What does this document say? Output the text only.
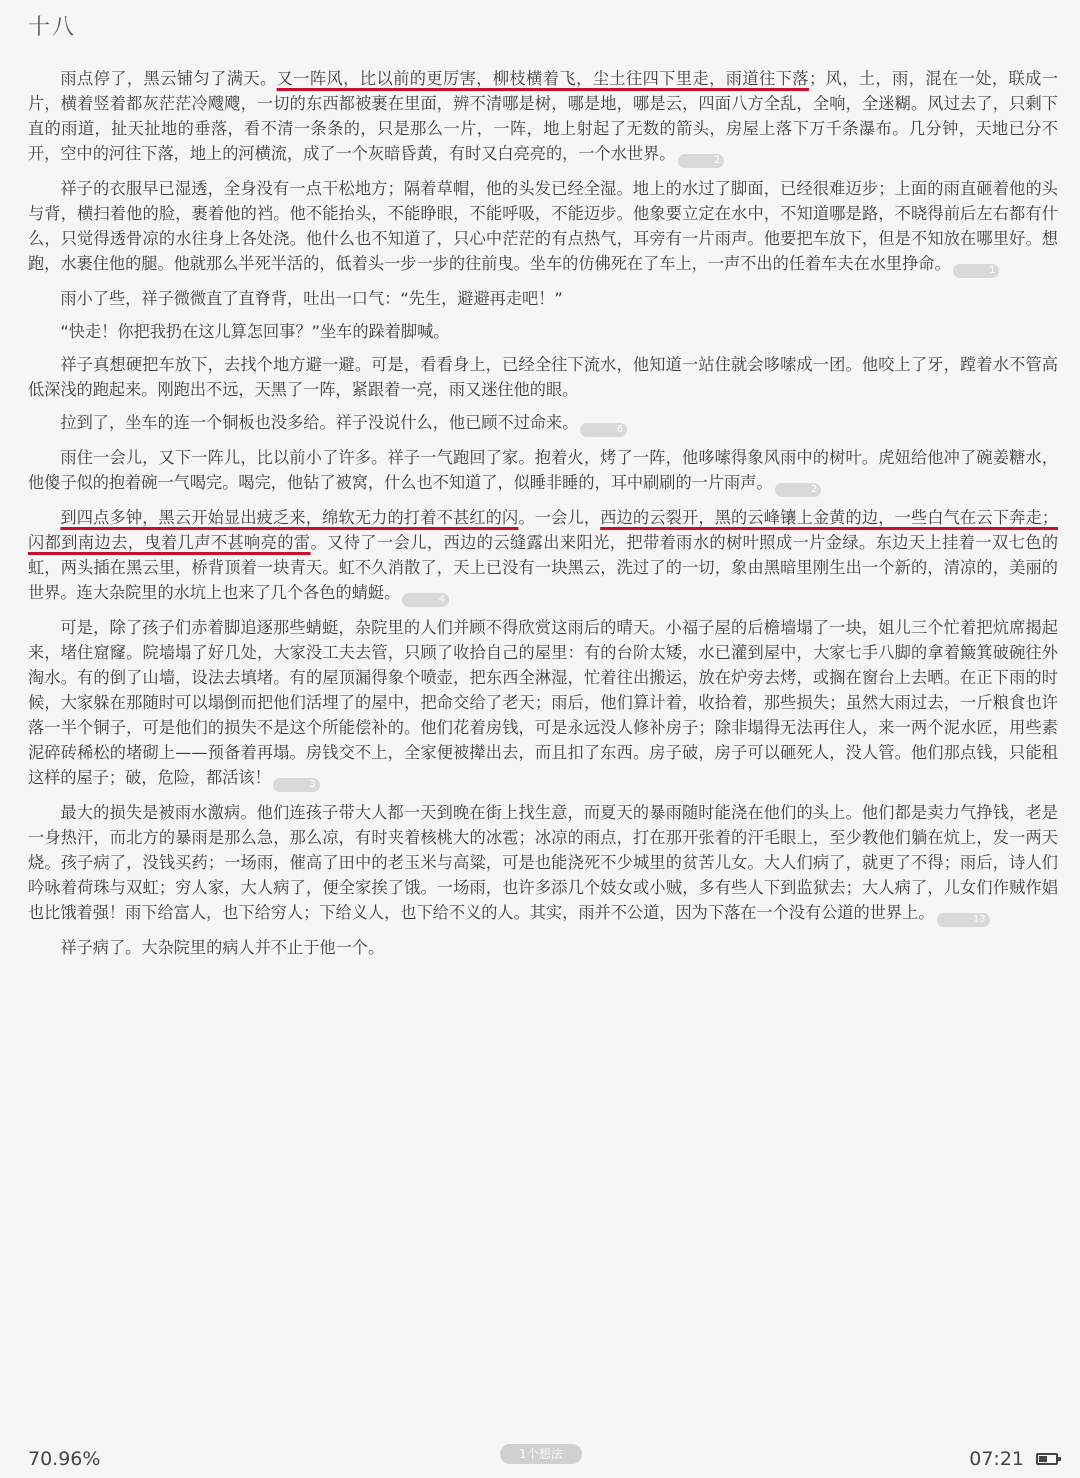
十八

雨点停了，黑云铺匀了满天。又一阵风，比以前的更厉害，柳枝横着飞，尘土往四下里走，雨道往下落；风，土，雨，混在一处，联成一片，横着竖着都灰茫茫冷飕飕，一切的东西都被裹在里面，辨不清哪是树，哪是地，哪是云，四面八方全乱，全响，全迷糊。风过去了，只剩下直的雨道，扯天扯地的垂落，看不清一条条的，只是那么一片，一阵，地上射起了无数的箭头，房屋上落下万千条瀑布。几分钟，天地已分不开，空中的河往下落，地上的河横流，成了一个灰暗昏黄，有时又白亮亮的，一个水世界。	2

祥子的衣服早已湿透，全身没有一点干松地方；隔着草帽，他的头发已经全湿。地上的水过了脚面，已经很难迈步；上面的雨直砸着他的头与背，横扫着他的脸，裹着他的裆。他不能抬头，不能睁眼，不能呼吸，不能迈步。他象要立定在水中，不知道哪是路，不晓得前后左右都有什么，只觉得透骨凉的水往身上各处浇。他什么也不知道了，只心中茫茫的有点热气，耳旁有一片雨声。他要把车放下，但是不知放在哪里好。想跑，水裹住他的腿。他就那么半死半活的，低着头一步一步的往前曳。坐车的仿佛死在了车上，一声不出的任着车夫在水里挣命。	1

雨小了些，祥子微微直了直脊背，吐出一口气：“先生，避避再走吧！”

“快走！你把我扔在这儿算怎回事？”坐车的跺着脚喊。

祥子真想硬把车放下，去找个地方避一避。可是，看看身上，已经全往下流水，他知道一站住就会哆嗦成一团。他咬上了牙，蹚着水不管高低深浅的跑起来。刚跑出不远，天黑了一阵，紧跟着一亮，雨又迷住他的眼。

拉到了，坐车的连一个铜板也没多给。祥子没说什么，他已顾不过命来。	6

雨住一会儿，又下一阵儿，比以前小了许多。祥子一气跑回了家。抱着火，烤了一阵，他哆嗦得象风雨中的树叶。虎妞给他冲了碗姜糖水，他傻子似的抱着碗一气喝完。喝完，他钻了被窝，什么也不知道了，似睡非睡的，耳中刷刷的一片雨声。	2

到四点多钟，黑云开始显出疲乏来，绵软无力的打着不甚红的闪。一会儿，西边的云裂开，黑的云峰镶上金黄的边，一些白气在云下奔走；闪都到南边去，曳着几声不甚响亮的雷。又待了一会儿，西边的云缝露出来阳光，把带着雨水的树叶照成一片金绿。东边天上挂着一双七色的虹，两头插在黑云里，桥背顶着一块青天。虹不久消散了，天上已没有一块黑云，洗过了的一切，象由黑暗里刚生出一个新的，清凉的，美丽的世界。连大杂院里的水坑上也来了几个各色的蜻蜓。	4

可是，除了孩子们赤着脚追逐那些蜻蜓，杂院里的人们并顾不得欣赏这雨后的晴天。小福子屋的后檐墙塌了一块，姐儿三个忙着把炕席揭起来，堵住窟窿。院墙塌了好几处，大家没工夫去管，只顾了收拾自己的屋里：有的台阶太矮，水已灌到屋中，大家七手八脚的拿着簸箕破碗往外淘水。有的倒了山墙，设法去填堵。有的屋顶漏得象个喷壶，把东西全淋湿，忙着往出搬运，放在炉旁去烤，或搁在窗台上去晒。在正下雨的时候，大家躲在那随时可以塌倒而把他们活埋了的屋中，把命交给了老天；雨后，他们算计着，收拾着，那些损失；虽然大雨过去，一斤粮食也许落一半个铜子，可是他们的损失不是这个所能偿补的。他们花着房钱，可是永远没人修补房子；除非塌得无法再住人，来一两个泥水匠，用些素泥碎砖稀松的堵砌上——预备着再塌。房钱交不上，全家便被撵出去，而且扣了东西。房子破，房子可以砸死人，没人管。他们那点钱，只能租这样的屋子；破，危险，都活该！	3

最大的损失是被雨水激病。他们连孩子带大人都一天到晚在街上找生意，而夏天的暴雨随时能浇在他们的头上。他们都是卖力气挣钱，老是一身热汗，而北方的暴雨是那么急，那么凉，有时夹着核桃大的冰雹；冰凉的雨点，打在那开张着的汗毛眼上，至少教他们躺在炕上，发一两天烧。孩子病了，没钱买药；一场雨，催高了田中的老玉米与高粱，可是也能浇死不少城里的贫苦儿女。大人们病了，就更了不得；雨后，诗人们吟咏着荷珠与双虹；穷人家，大人病了，便全家挨了饿。一场雨，也许多添几个妓女或小贼，多有些人下到监狱去；大人病了，儿女们作贼作娼也比饿着强！雨下给富人，也下给穷人；下给义人，也下给不义的人。其实，雨并不公道，因为下落在一个没有公道的世界上。	13

祥子病了。大杂院里的病人并不止于他一个。

70.96%	1个想法	07:21
